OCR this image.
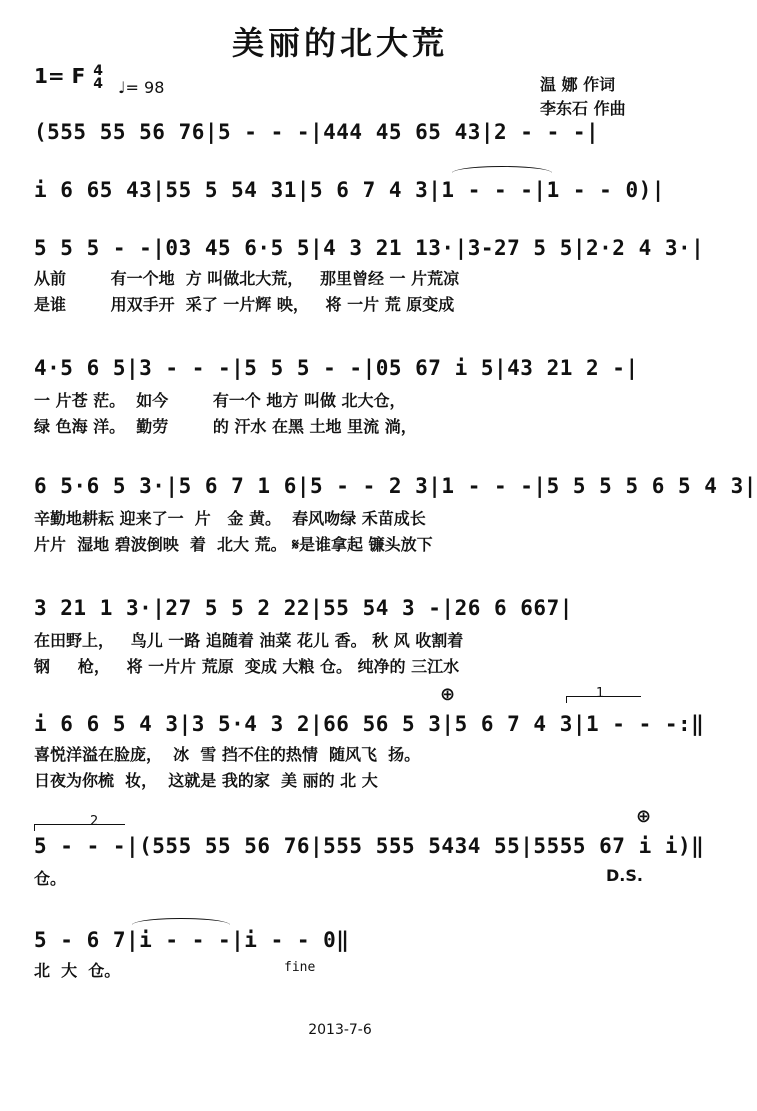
美丽的北大荒
1= F 4
4 ♩= 98	温 娜 作词
李东石 作曲
(555 55 56 76|5 - - -|444 45 65 43|2 - - -|
i 6 65 43|55 5 54 31|5 6 7 4 3|1 - - -|1 - - 0)|
5 5 5 - -|03 45 6·5 5|4 3 21 13·|3-27 5 5|2·2 4 3·|
从前        有一个地  方 叫做北大荒，   那里曾经 一 片荒凉
是谁        用双手开  采了 一片辉 映，   将 一片 荒 原变成
4·5 6 5|3 - - -|5 5 5 - -|05 67 i 5|43 21 2 -|
一 片苍 茫。  如今        有一个 地方 叫做 北大仓，
绿 色海 洋。  勤劳        的 汗水 在黑 土地 里流 淌，
6 5·6 5 3·|5 6 7 1 6|5 - - 2 3|1 - - -|5 5 5 5 6 5 4 3|
辛勤地耕耘 迎来了一  片   金 黄。  春风吻绿 禾苗成长
片片  湿地 碧波倒映  着  北大 荒。 𝄋是谁拿起 镰头放下
3 21 1 3·|27 5 5 2 22|55 54 3 -|26 6 667|
在田野上，   鸟儿 一路 追随着 油菜 花儿 香。 秋 风 收割着
钢     枪，   将 一片片 荒原  变成 大粮 仓。 纯净的 三江水
⊕	1
i 6 6 5 4 3|3 5·4 3 2|66 56 5 3|5 6 7 4 3|1 - - -:‖
喜悦洋溢在脸庞，  冰  雪 挡不住的热情  随风飞  扬。
日夜为你梳  妆，  这就是 我的家  美 丽的 北 大
2	⊕
5 - - -|(555 55 56 76|555 555 5434 55|5555 67 i i)‖
仓。	D.S.
5 - 6 7|i - - -|i - - 0‖
北  大  仓。	fine
2013-7-6
